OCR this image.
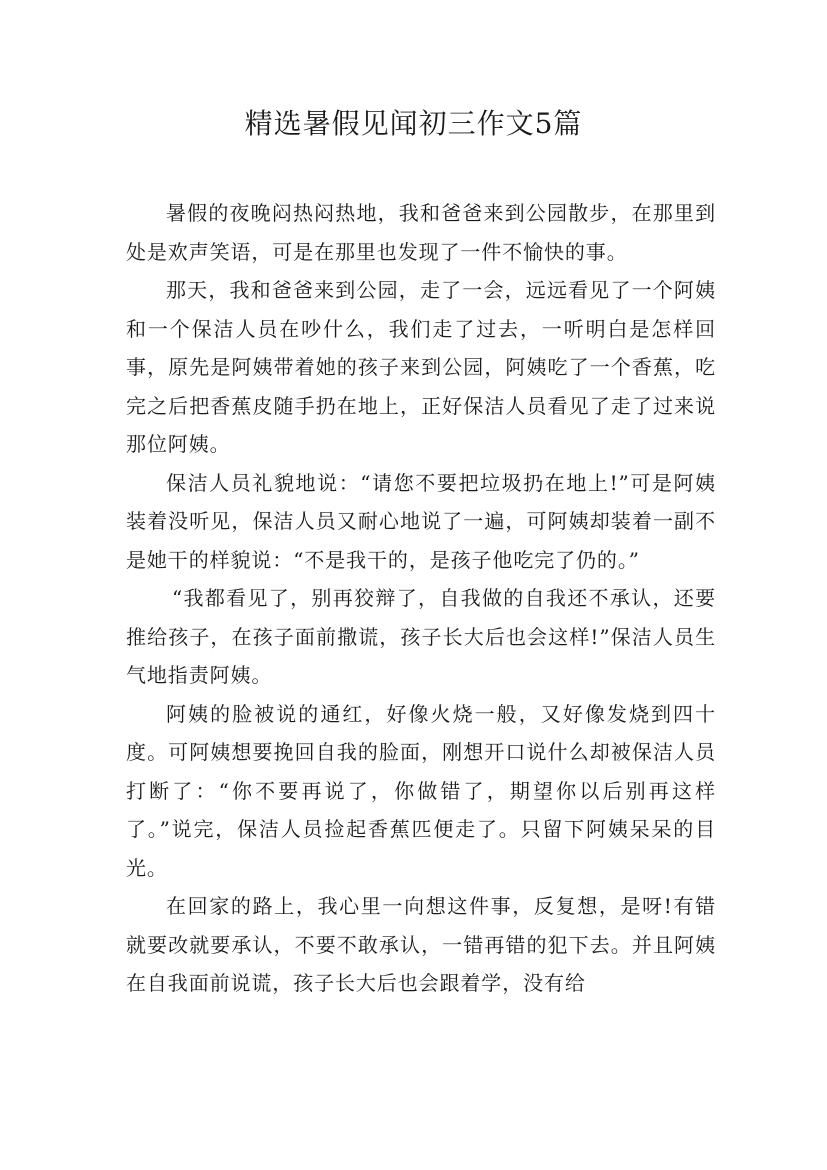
精选暑假见闻初三作文5篇

暑假的夜晚闷热闷热地，我和爸爸来到公园散步，在那里到处是欢声笑语，可是在那里也发现了一件不愉快的事。

那天，我和爸爸来到公园，走了一会，远远看见了一个阿姨和一个保洁人员在吵什么，我们走了过去，一听明白是怎样回事，原先是阿姨带着她的孩子来到公园，阿姨吃了一个香蕉，吃完之后把香蕉皮随手扔在地上，正好保洁人员看见了走了过来说那位阿姨。

保洁人员礼貌地说：“请您不要把垃圾扔在地上!”可是阿姨装着没听见，保洁人员又耐心地说了一遍，可阿姨却装着一副不是她干的样貌说：“不是我干的，是孩子他吃完了仍的。”

“我都看见了，别再狡辩了，自我做的自我还不承认，还要推给孩子，在孩子面前撒谎，孩子长大后也会这样!”保洁人员生气地指责阿姨。

阿姨的脸被说的通红，好像火烧一般，又好像发烧到四十度。可阿姨想要挽回自我的脸面，刚想开口说什么却被保洁人员打断了：“你不要再说了，你做错了，期望你以后别再这样了。”说完，保洁人员捡起香蕉匹便走了。只留下阿姨呆呆的目光。

在回家的路上，我心里一向想这件事，反复想，是呀!有错就要改就要承认，不要不敢承认，一错再错的犯下去。并且阿姨在自我面前说谎，孩子长大后也会跟着学，没有给
